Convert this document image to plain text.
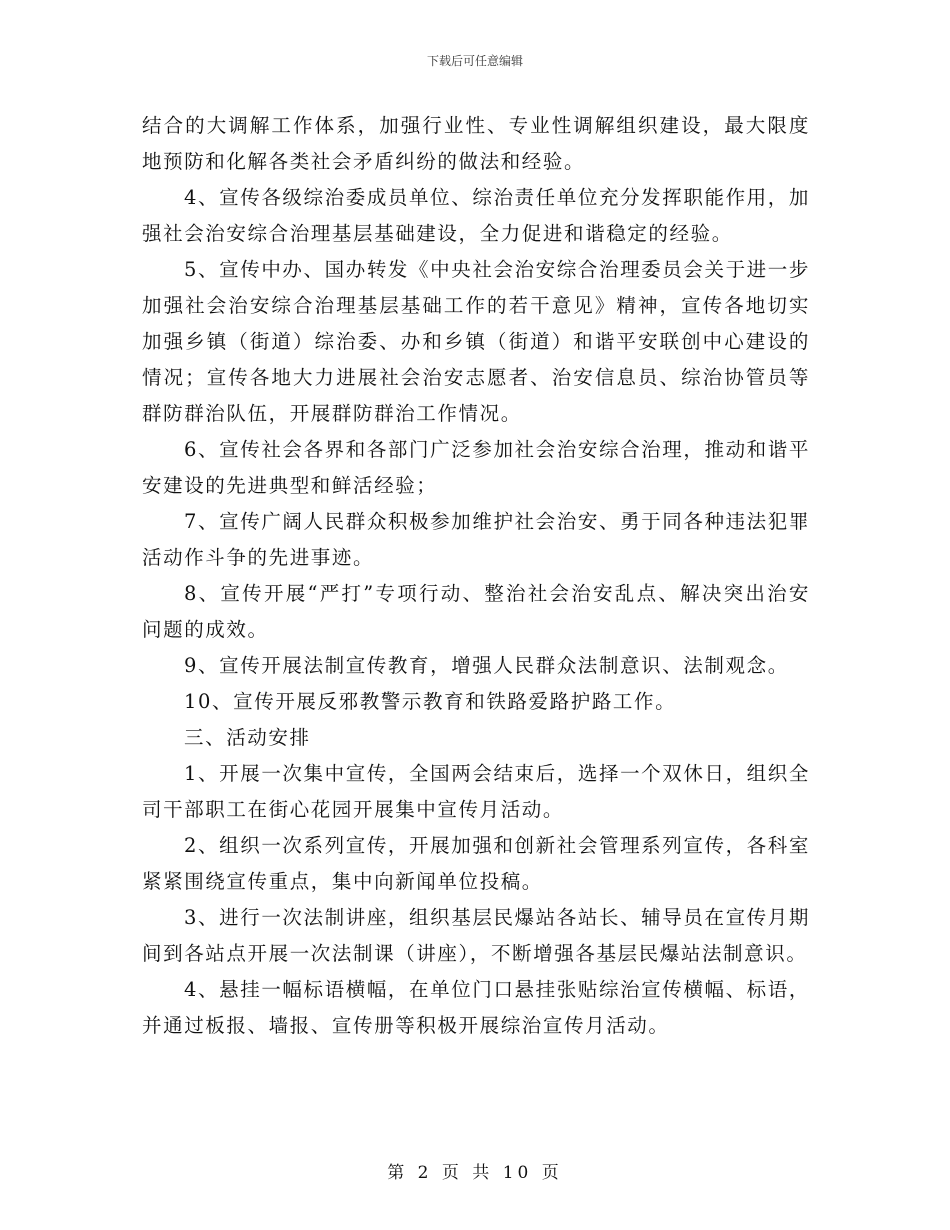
下载后可任意编辑

结合的大调解工作体系，加强行业性、专业性调解组织建设，最大限度地预防和化解各类社会矛盾纠纷的做法和经验。

4、宣传各级综治委成员单位、综治责任单位充分发挥职能作用，加强社会治安综合治理基层基础建设，全力促进和谐稳定的经验。

5、宣传中办、国办转发《中央社会治安综合治理委员会关于进一步加强社会治安综合治理基层基础工作的若干意见》精神，宣传各地切实加强乡镇（街道）综治委、办和乡镇（街道）和谐平安联创中心建设的情况；宣传各地大力进展社会治安志愿者、治安信息员、综治协管员等群防群治队伍，开展群防群治工作情况。

6、宣传社会各界和各部门广泛参加社会治安综合治理，推动和谐平安建设的先进典型和鲜活经验；

7、宣传广阔人民群众积极参加维护社会治安、勇于同各种违法犯罪活动作斗争的先进事迹。

8、宣传开展“严打”专项行动、整治社会治安乱点、解决突出治安问题的成效。

9、宣传开展法制宣传教育，增强人民群众法制意识、法制观念。

10、宣传开展反邪教警示教育和铁路爱路护路工作。

三、活动安排

1、开展一次集中宣传，全国两会结束后，选择一个双休日，组织全司干部职工在街心花园开展集中宣传月活动。

2、组织一次系列宣传，开展加强和创新社会管理系列宣传，各科室紧紧围绕宣传重点，集中向新闻单位投稿。

3、进行一次法制讲座，组织基层民爆站各站长、辅导员在宣传月期间到各站点开展一次法制课（讲座），不断增强各基层民爆站法制意识。

4、悬挂一幅标语横幅，在单位门口悬挂张贴综治宣传横幅、标语，并通过板报、墙报、宣传册等积极开展综治宣传月活动。

第 2 页 共 10 页
